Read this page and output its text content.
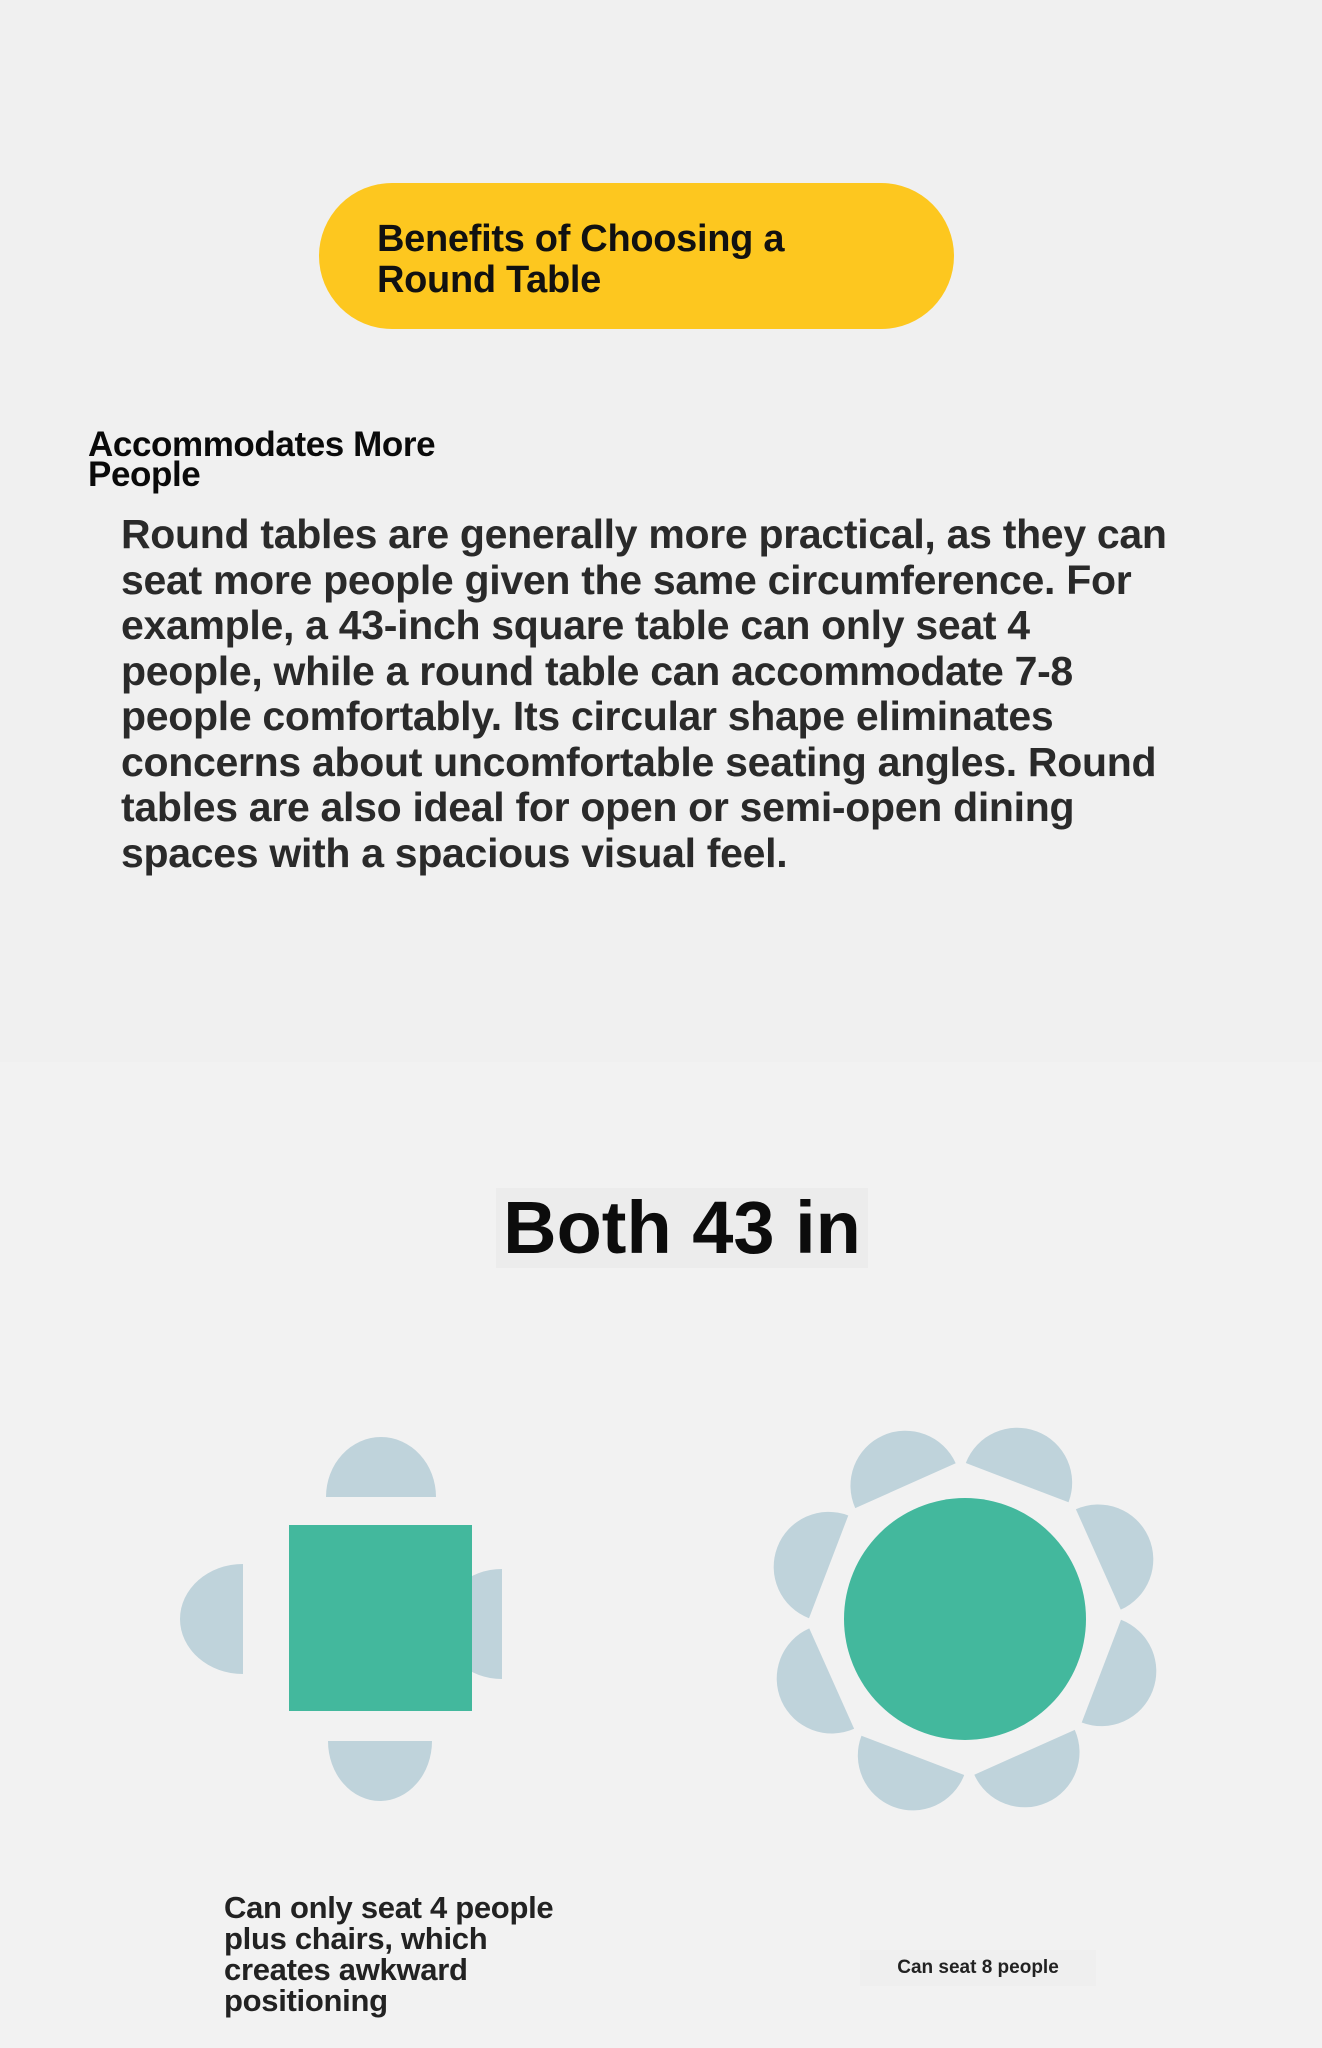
Benefits of Choosing a Round Table
Accommodates More People
Round tables are generally more practical, as they can seat more people given the same circumference. For example, a 43-inch square table can only seat 4 people, while a round table can accommodate 7-8 people comfortably. Its circular shape eliminates concerns about uncomfortable seating angles. Round tables are also ideal for open or semi-open dining spaces with a spacious visual feel.
Both 43 in
Can only seat 4 people plus chairs, which creates awkward positioning
Can seat 8 people
